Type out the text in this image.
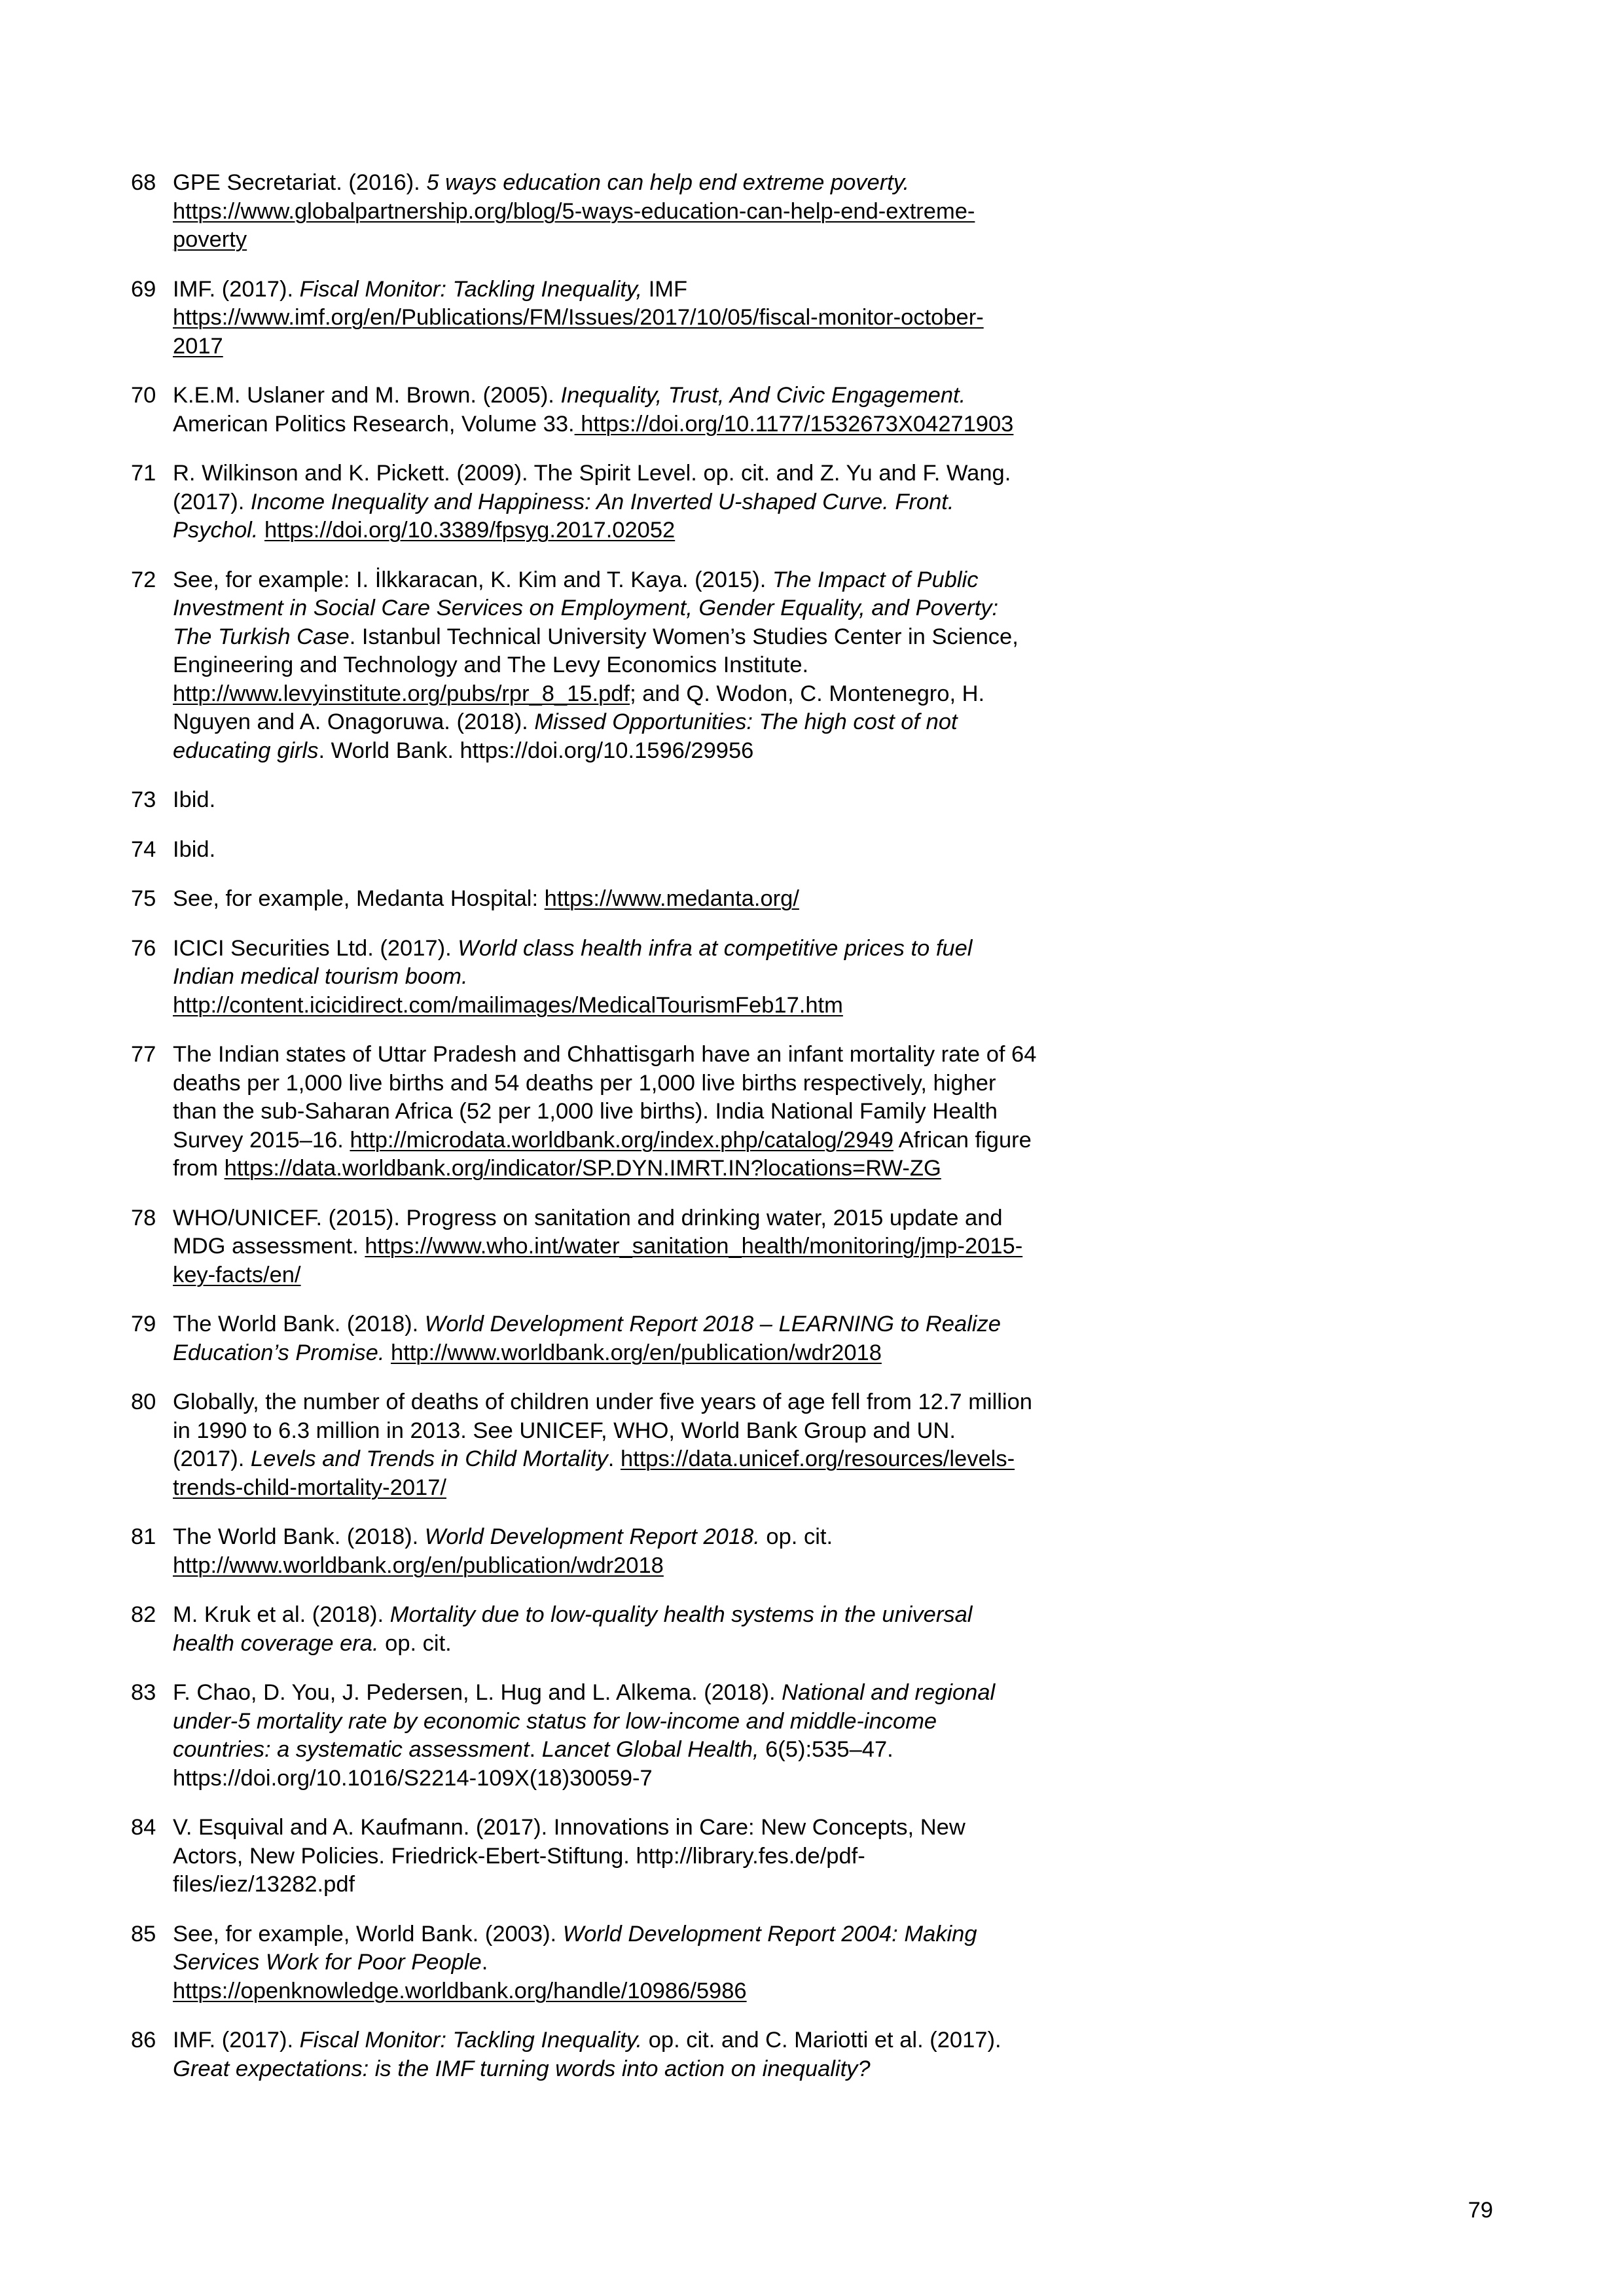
68 GPE Secretariat. (2016). 5 ways education can help end extreme poverty.
https://www.globalpartnership.org/blog/5-ways-education-can-help-end-extreme-
poverty
69 IMF. (2017). Fiscal Monitor: Tackling Inequality, IMF
https://www.imf.org/en/Publications/FM/Issues/2017/10/05/fiscal-monitor-october-
2017
70 K.E.M. Uslaner and M. Brown. (2005). Inequality, Trust, And Civic Engagement.
American Politics Research, Volume 33. https://doi.org/10.1177/1532673X04271903
71 R. Wilkinson and K. Pickett. (2009). The Spirit Level. op. cit. and Z. Yu and F. Wang.
(2017). Income Inequality and Happiness: An Inverted U-shaped Curve. Front.
Psychol. https://doi.org/10.3389/fpsyg.2017.02052
72 See, for example: I. İlkkaracan, K. Kim and T. Kaya. (2015). The Impact of Public
Investment in Social Care Services on Employment, Gender Equality, and Poverty:
The Turkish Case. Istanbul Technical University Women’s Studies Center in Science,
Engineering and Technology and The Levy Economics Institute.
http://www.levyinstitute.org/pubs/rpr_8_15.pdf; and Q. Wodon, C. Montenegro, H.
Nguyen and A. Onagoruwa. (2018). Missed Opportunities: The high cost of not
educating girls. World Bank. https://doi.org/10.1596/29956
73 Ibid.
74 Ibid.
75 See, for example, Medanta Hospital: https://www.medanta.org/
76 ICICI Securities Ltd. (2017). World class health infra at competitive prices to fuel
Indian medical tourism boom.
http://content.icicidirect.com/mailimages/MedicalTourismFeb17.htm
77 The Indian states of Uttar Pradesh and Chhattisgarh have an infant mortality rate of 64
deaths per 1,000 live births and 54 deaths per 1,000 live births respectively, higher
than the sub-Saharan Africa (52 per 1,000 live births). India National Family Health
Survey 2015–16. http://microdata.worldbank.org/index.php/catalog/2949 African figure
from https://data.worldbank.org/indicator/SP.DYN.IMRT.IN?locations=RW-ZG
78 WHO/UNICEF. (2015). Progress on sanitation and drinking water, 2015 update and
MDG assessment. https://www.who.int/water_sanitation_health/monitoring/jmp-2015-
key-facts/en/
79 The World Bank. (2018). World Development Report 2018 – LEARNING to Realize
Education’s Promise. http://www.worldbank.org/en/publication/wdr2018
80 Globally, the number of deaths of children under five years of age fell from 12.7 million
in 1990 to 6.3 million in 2013. See UNICEF, WHO, World Bank Group and UN.
(2017). Levels and Trends in Child Mortality. https://data.unicef.org/resources/levels-
trends-child-mortality-2017/
81 The World Bank. (2018). World Development Report 2018. op. cit.
http://www.worldbank.org/en/publication/wdr2018
82 M. Kruk et al. (2018). Mortality due to low-quality health systems in the universal
health coverage era. op. cit.
83 F. Chao, D. You, J. Pedersen, L. Hug and L. Alkema. (2018). National and regional
under-5 mortality rate by economic status for low-income and middle-income
countries: a systematic assessment. Lancet Global Health, 6(5):535–47.
https://doi.org/10.1016/S2214-109X(18)30059-7
84 V. Esquival and A. Kaufmann. (2017). Innovations in Care: New Concepts, New
Actors, New Policies. Friedrick-Ebert-Stiftung. http://library.fes.de/pdf-
files/iez/13282.pdf
85 See, for example, World Bank. (2003). World Development Report 2004: Making
Services Work for Poor People.
https://openknowledge.worldbank.org/handle/10986/5986
86 IMF. (2017). Fiscal Monitor: Tackling Inequality. op. cit. and C. Mariotti et al. (2017).
Great expectations: is the IMF turning words into action on inequality?
79
